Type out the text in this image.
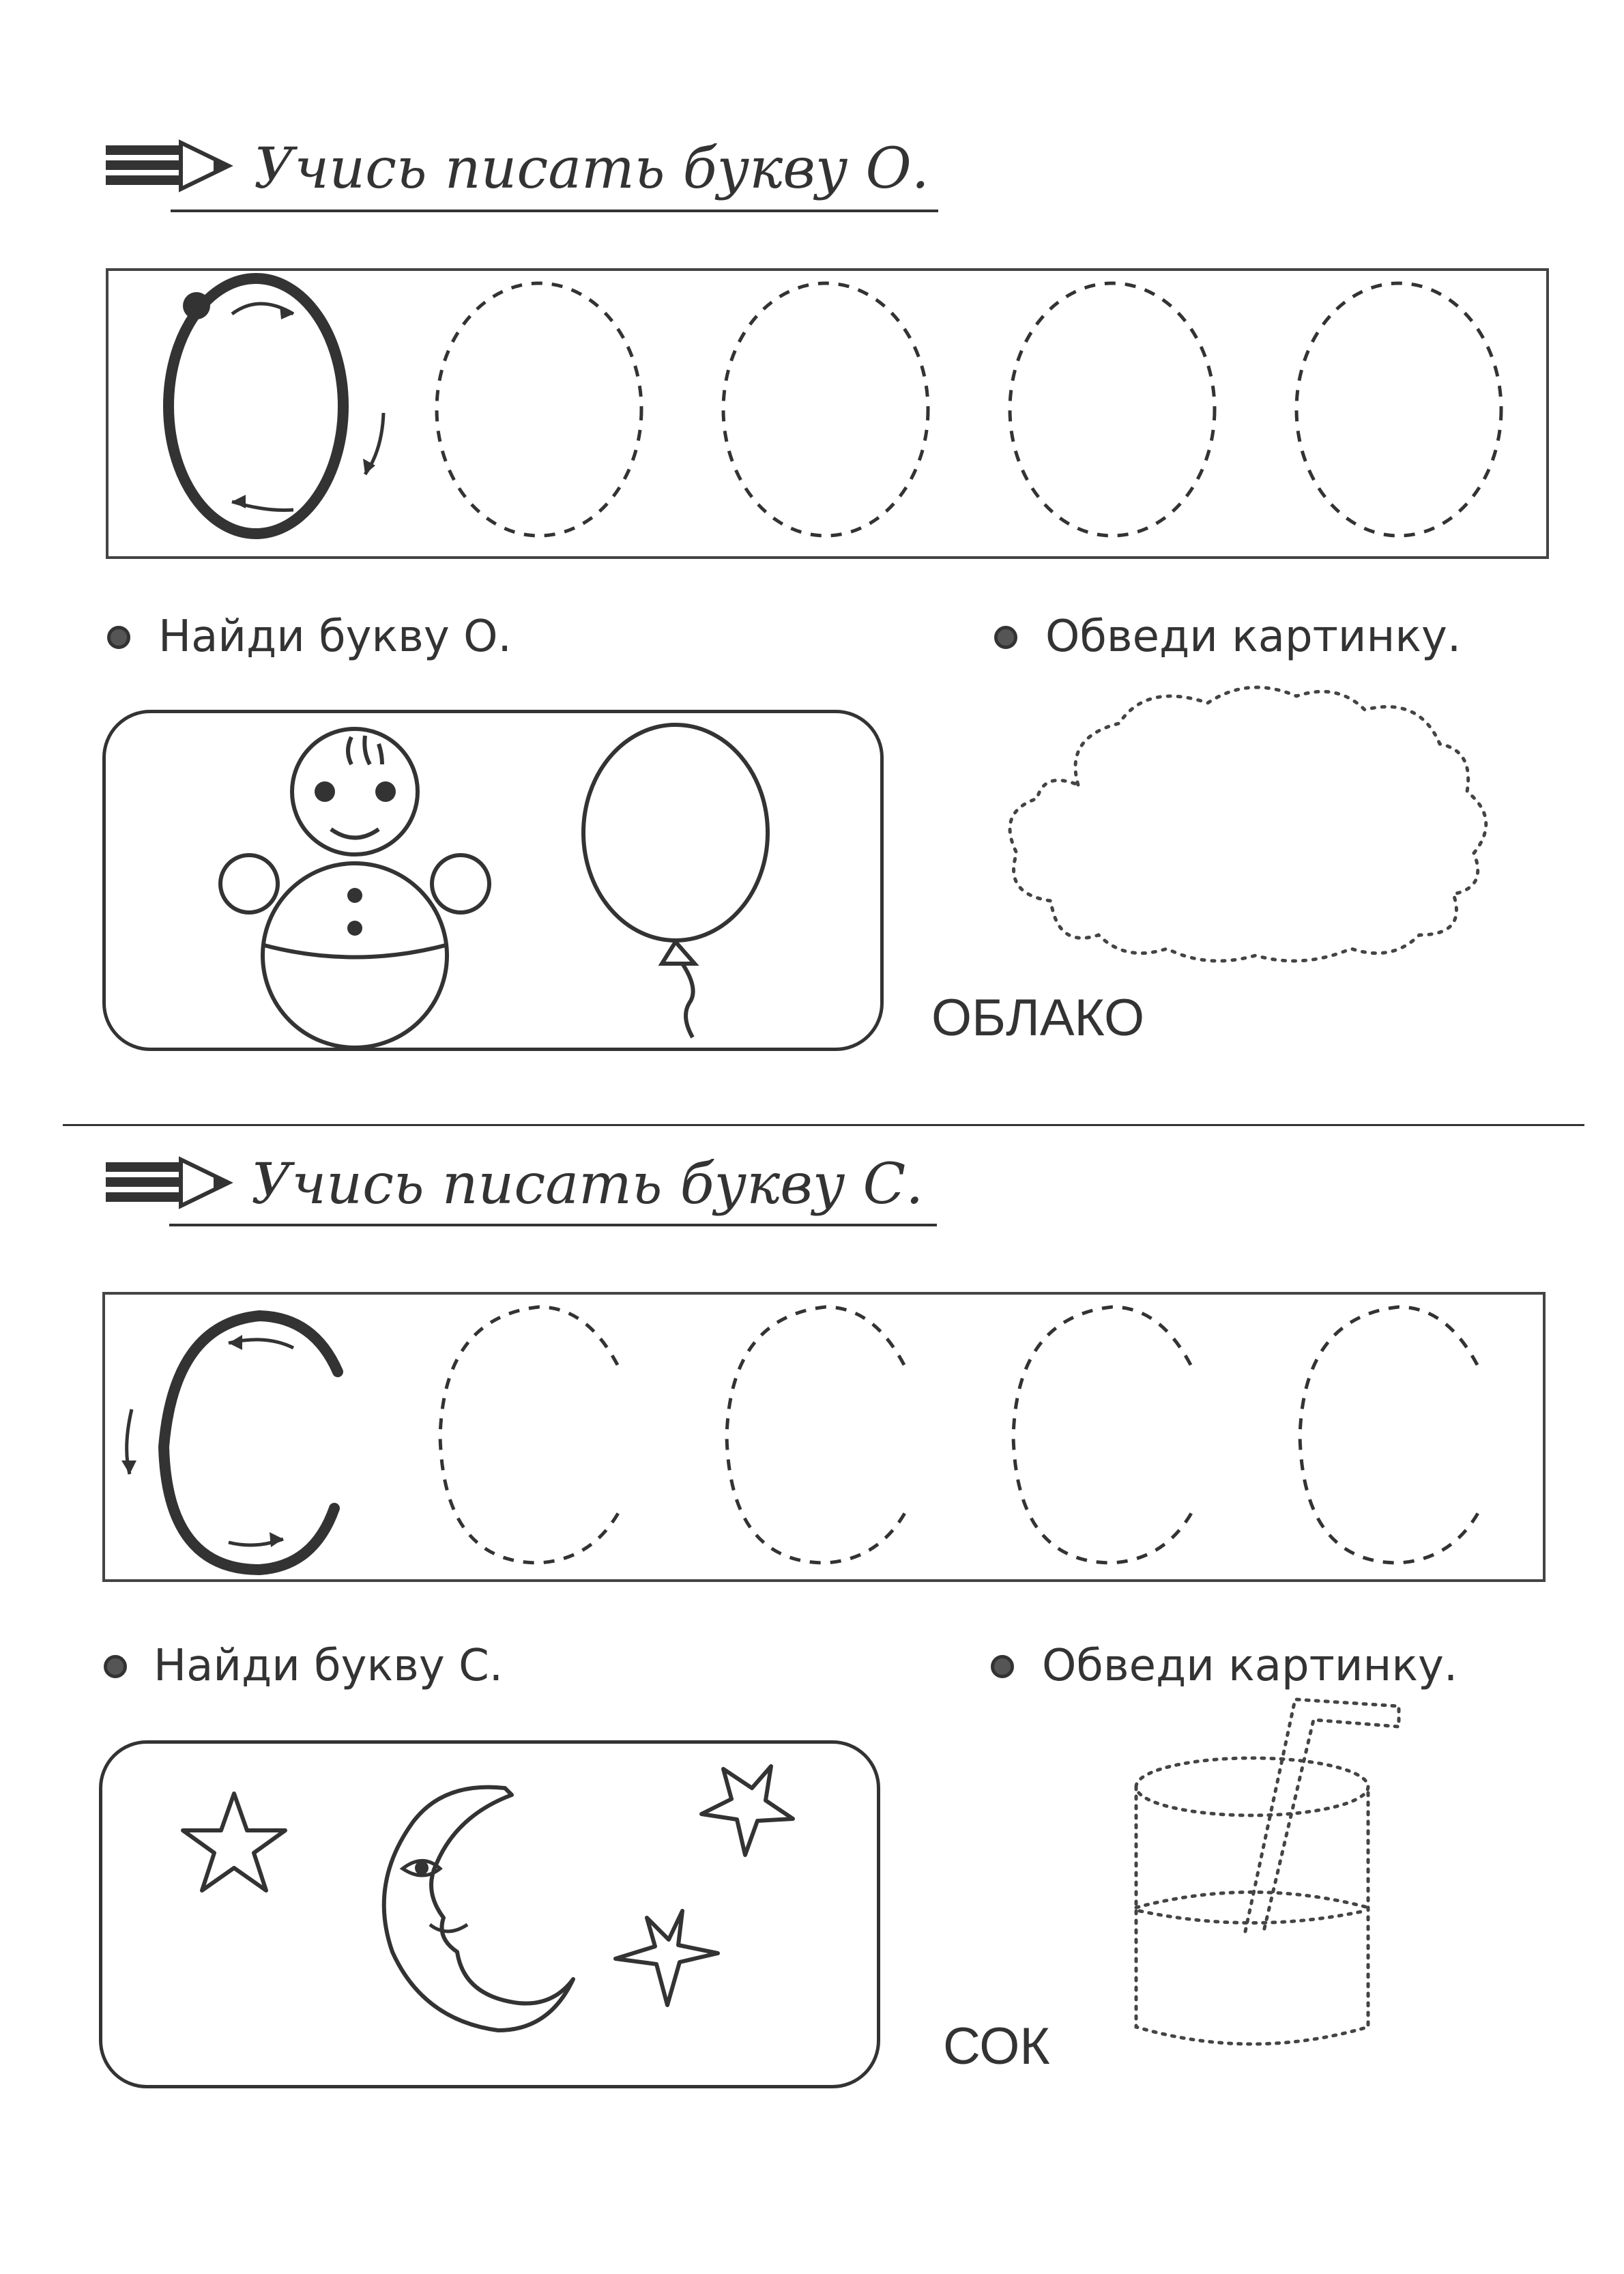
Учись писать букву О.
Найди букву О.	Обведи картинку.
ОБЛАКО
Учись писать букву С.
Найди букву С.	Обведи картинку.
СОК
